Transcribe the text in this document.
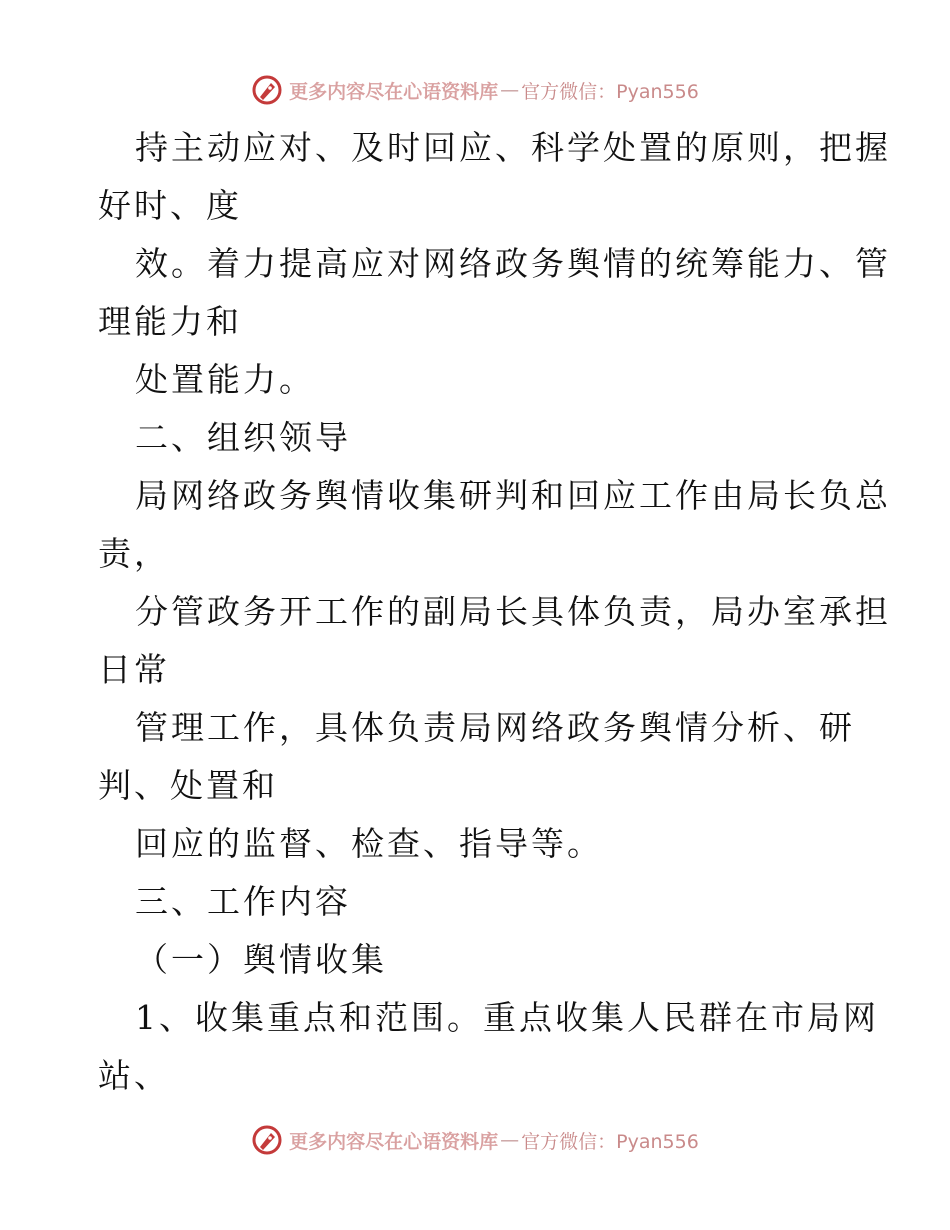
更多内容尽在心语资料库 — 官方微信：Pyan556
持主动应对、及时回应、科学处置的原则，把握
好时、度
效。着力提高应对网络政务舆情的统筹能力、管
理能力和
处置能力。
二、组织领导
局网络政务舆情收集研判和回应工作由局长负总
责，
分管政务开工作的副局长具体负责，局办室承担
日常
管理工作，具体负责局网络政务舆情分析、研
判、处置和
回应的监督、检查、指导等。
三、工作内容
（一）舆情收集
1、收集重点和范围。重点收集人民群在市局网
站、
更多内容尽在心语资料库 — 官方微信：Pyan556
